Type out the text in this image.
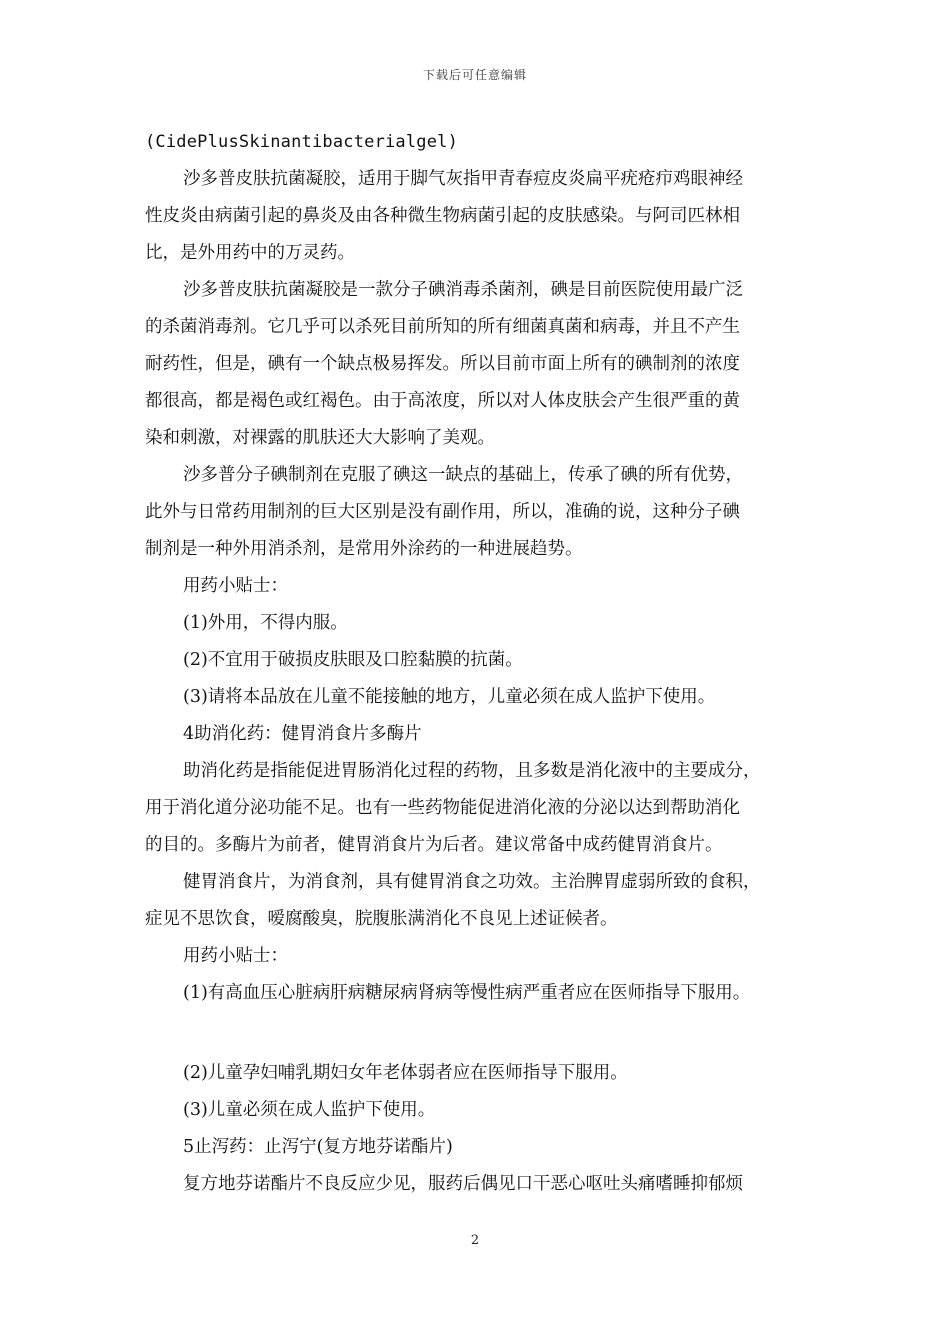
下载后可任意编辑
(CidePlusSkinantibacterialgel)
沙多普皮肤抗菌凝胶，适用于脚气灰指甲青春痘皮炎扁平疣疮疖鸡眼神经
性皮炎由病菌引起的鼻炎及由各种微生物病菌引起的皮肤感染。与阿司匹林相
比，是外用药中的万灵药。
沙多普皮肤抗菌凝胶是一款分子碘消毒杀菌剂，碘是目前医院使用最广泛
的杀菌消毒剂。它几乎可以杀死目前所知的所有细菌真菌和病毒，并且不产生
耐药性，但是，碘有一个缺点极易挥发。所以目前市面上所有的碘制剂的浓度
都很高，都是褐色或红褐色。由于高浓度，所以对人体皮肤会产生很严重的黄
染和刺激，对裸露的肌肤还大大影响了美观。
沙多普分子碘制剂在克服了碘这一缺点的基础上，传承了碘的所有优势，
此外与日常药用制剂的巨大区别是没有副作用，所以，准确的说，这种分子碘
制剂是一种外用消杀剂，是常用外涂药的一种进展趋势。
用药小贴士：
(1)外用，不得内服。
(2)不宜用于破损皮肤眼及口腔黏膜的抗菌。
(3)请将本品放在儿童不能接触的地方，儿童必须在成人监护下使用。
4助消化药：健胃消食片多酶片
助消化药是指能促进胃肠消化过程的药物，且多数是消化液中的主要成分，
用于消化道分泌功能不足。也有一些药物能促进消化液的分泌以达到帮助消化
的目的。多酶片为前者，健胃消食片为后者。建议常备中成药健胃消食片。
健胃消食片，为消食剂，具有健胃消食之功效。主治脾胃虚弱所致的食积，
症见不思饮食，嗳腐酸臭，脘腹胀满消化不良见上述证候者。
用药小贴士：
(1)有高血压心脏病肝病糖尿病肾病等慢性病严重者应在医师指导下服用。
(2)儿童孕妇哺乳期妇女年老体弱者应在医师指导下服用。
(3)儿童必须在成人监护下使用。
5止泻药：止泻宁(复方地芬诺酯片)
复方地芬诺酯片不良反应少见，服药后偶见口干恶心呕吐头痛嗜睡抑郁烦
2
